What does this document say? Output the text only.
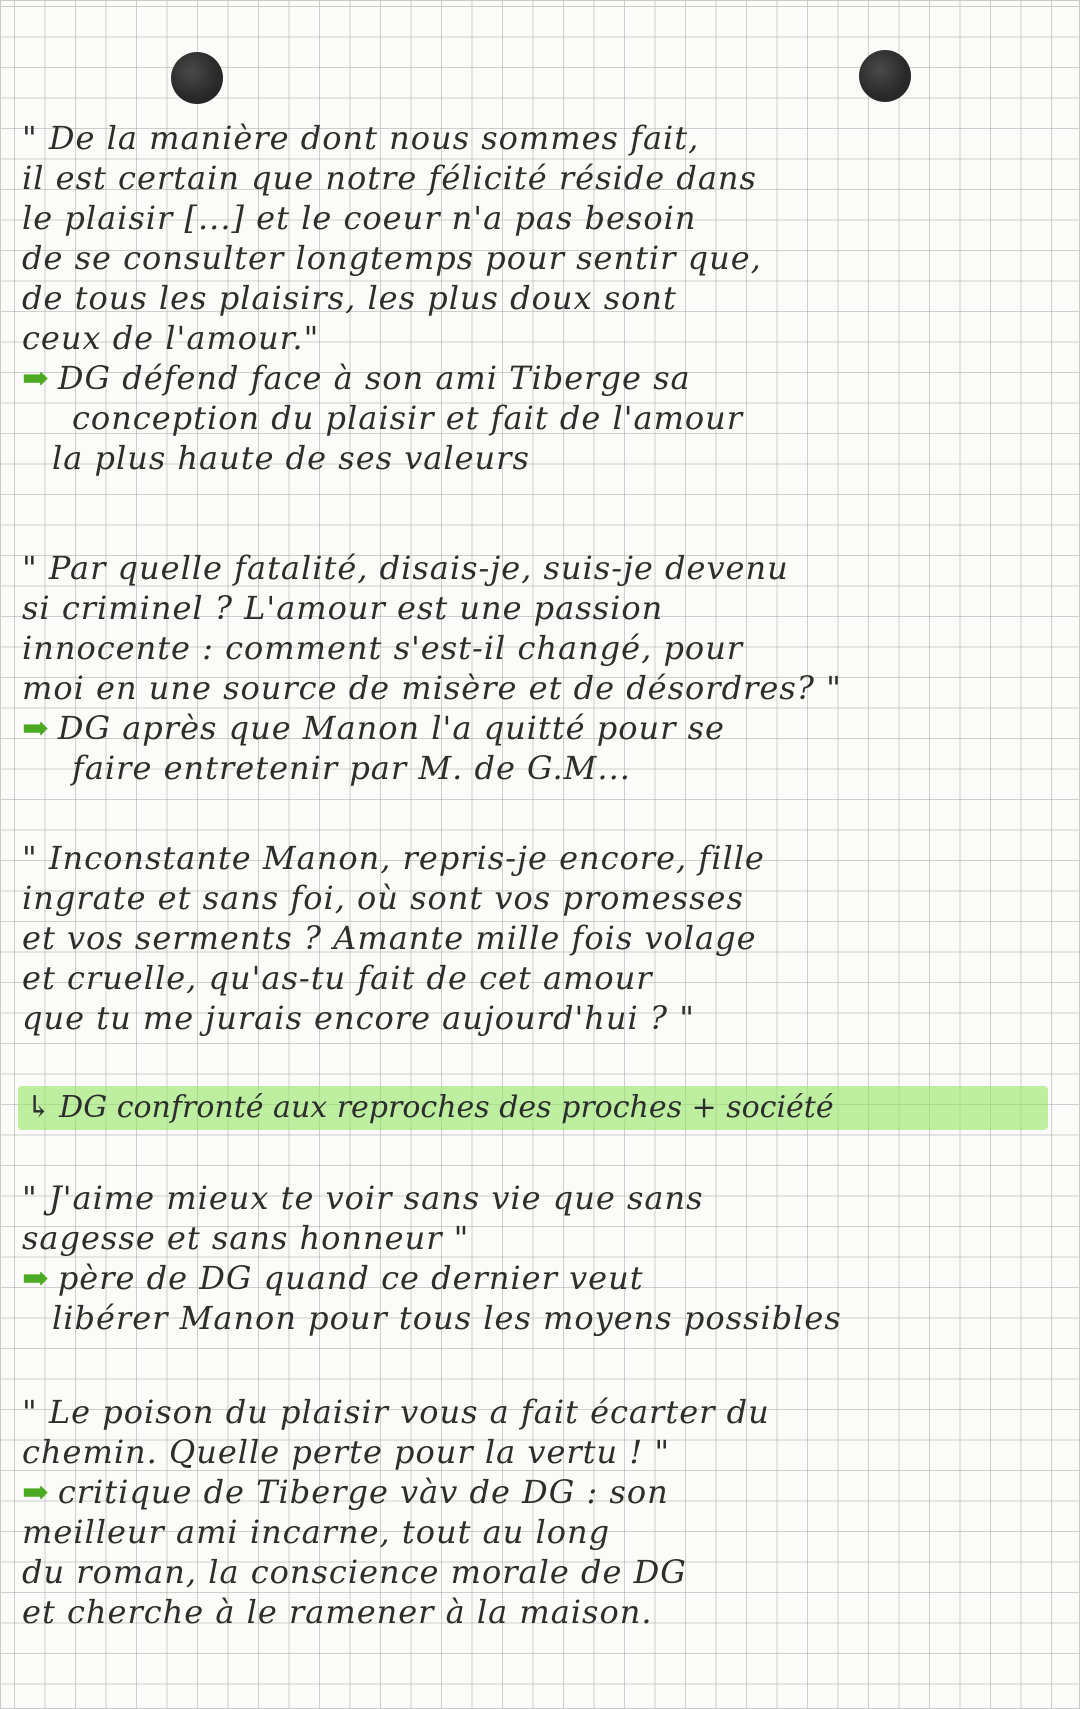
" De la manière dont nous sommes fait,
il est certain que notre félicité réside dans
le plaisir [...] et le coeur n'a pas besoin
de se consulter longtemps pour sentir que,
de tous les plaisirs, les plus doux sont
ceux de l'amour."
➡ DG défend face à son ami Tiberge sa
conception du plaisir et fait de l'amour
la plus haute de ses valeurs
" Par quelle fatalité, disais-je, suis-je devenu
si criminel ? L'amour est une passion
innocente : comment s'est-il changé, pour
moi en une source de misère et de désordres? "
➡ DG après que Manon l'a quitté pour se
faire entretenir par M. de G.M...
" Inconstante Manon, repris-je encore, fille
ingrate et sans foi, où sont vos promesses
et vos serments ? Amante mille fois volage
et cruelle, qu'as-tu fait de cet amour
que tu me jurais encore aujourd'hui ? "
↳ DG confronté aux reproches des proches + société
" J'aime mieux te voir sans vie que sans
sagesse et sans honneur "
➡ père de DG quand ce dernier veut
libérer Manon pour tous les moyens possibles
" Le poison du plaisir vous a fait écarter du
chemin. Quelle perte pour la vertu ! "
➡ critique de Tiberge vàv de DG : son
meilleur ami incarne, tout au long
du roman, la conscience morale de DG
et cherche à le ramener à la maison.
